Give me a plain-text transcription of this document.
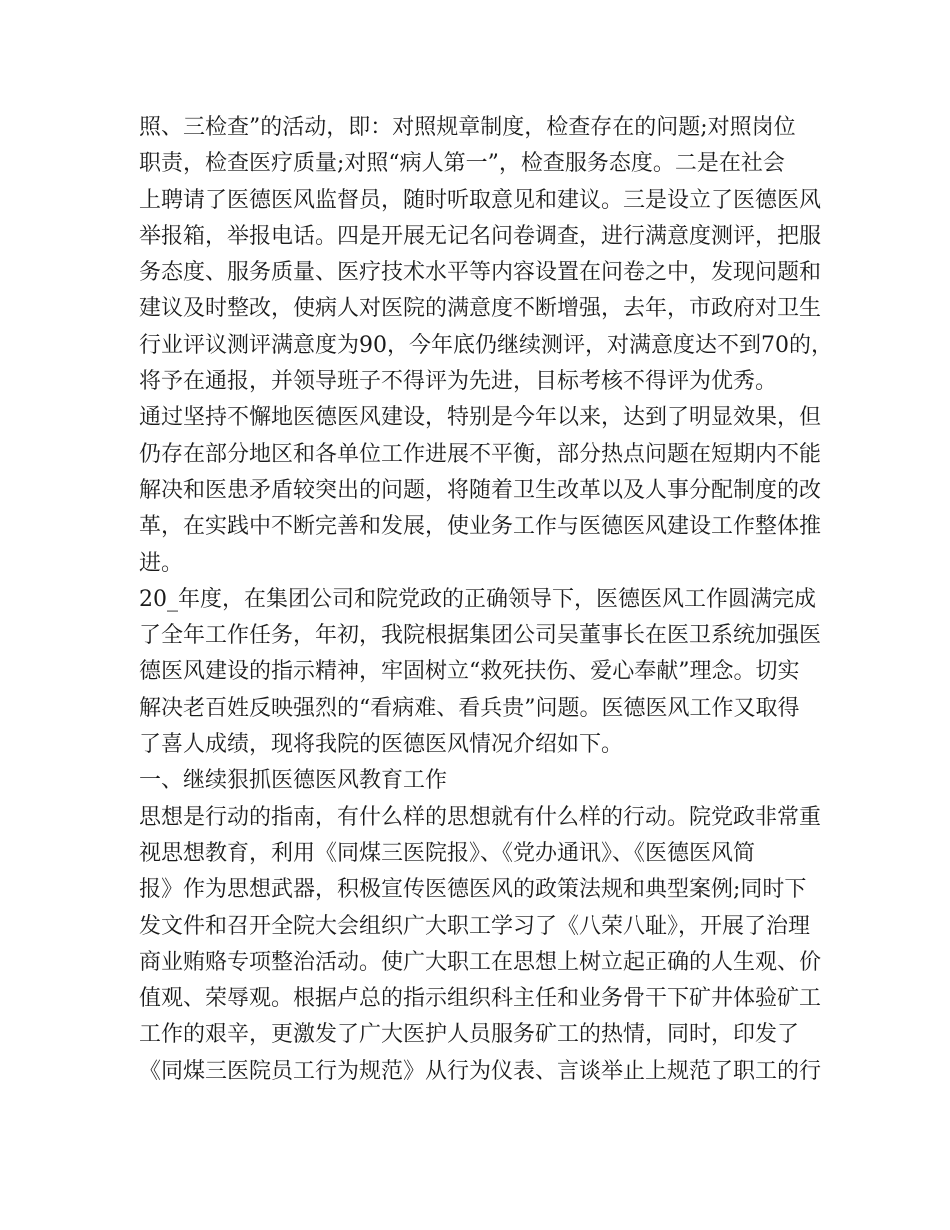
照、三检查”的活动，即：对照规章制度，检查存在的问题;对照岗位
职责，检查医疗质量;对照“病人第一”，检查服务态度。二是在社会
上聘请了医德医风监督员，随时听取意见和建议。三是设立了医德医风
举报箱，举报电话。四是开展无记名问卷调查，进行满意度测评，把服
务态度、服务质量、医疗技术水平等内容设置在问卷之中，发现问题和
建议及时整改，使病人对医院的满意度不断增强，去年，市政府对卫生
行业评议测评满意度为90，今年底仍继续测评，对满意度达不到70的，
将予在通报，并领导班子不得评为先进，目标考核不得评为优秀。
通过坚持不懈地医德医风建设，特别是今年以来，达到了明显效果，但
仍存在部分地区和各单位工作进展不平衡，部分热点问题在短期内不能
解决和医患矛盾较突出的问题，将随着卫生改革以及人事分配制度的改
革，在实践中不断完善和发展，使业务工作与医德医风建设工作整体推
进。
20_年度，在集团公司和院党政的正确领导下，医德医风工作圆满完成
了全年工作任务，年初，我院根据集团公司吴董事长在医卫系统加强医
德医风建设的指示精神，牢固树立“救死扶伤、爱心奉献”理念。切实
解决老百姓反映强烈的“看病难、看兵贵”问题。医德医风工作又取得
了喜人成绩，现将我院的医德医风情况介绍如下。
一、继续狠抓医德医风教育工作
思想是行动的指南，有什么样的思想就有什么样的行动。院党政非常重
视思想教育，利用《同煤三医院报》、《党办通讯》、《医德医风简
报》作为思想武器，积极宣传医德医风的政策法规和典型案例;同时下
发文件和召开全院大会组织广大职工学习了《八荣八耻》，开展了治理
商业贿赂专项整治活动。使广大职工在思想上树立起正确的人生观、价
值观、荣辱观。根据卢总的指示组织科主任和业务骨干下矿井体验矿工
工作的艰辛，更激发了广大医护人员服务矿工的热情，同时，印发了
《同煤三医院员工行为规范》从行为仪表、言谈举止上规范了职工的行
